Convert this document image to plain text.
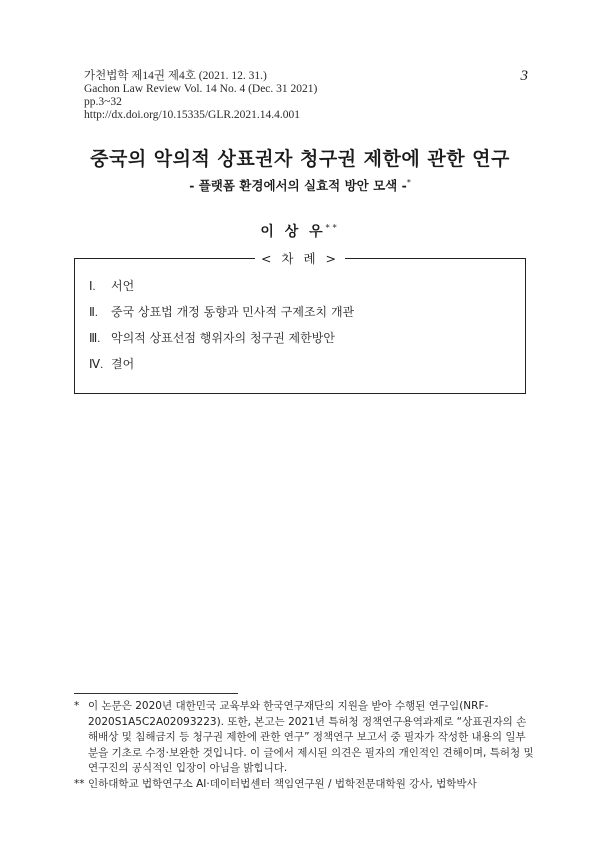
가천법학 제14권 제4호 (2021. 12. 31.)
Gachon Law Review Vol. 14 No. 4 (Dec. 31 2021)
pp.3~32
http://dx.doi.org/10.15335/GLR.2021.14.4.001
3
중국의 악의적 상표권자 청구권 제한에 관한 연구
- 플랫폼 환경에서의 실효적 방안 모색 -*
이 상 우**
< 차 례 >
Ⅰ. 서언
Ⅱ. 중국 상표법 개정 동향과 민사적 구제조치 개관
Ⅲ. 악의적 상표선점 행위자의 청구권 제한방안
Ⅳ. 결어
* 이 논문은 2020년 대한민국 교육부와 한국연구재단의 지원을 받아 수행된 연구임(NRF-2020S1A5C2A02093223). 또한, 본고는 2021년 특허청 정책연구용역과제로 “상표권자의 손해배상 및 침해금지 등 청구권 제한에 관한 연구” 정책연구 보고서 중 필자가 작성한 내용의 일부분을 기초로 수정·보완한 것입니다. 이 글에서 제시된 의견은 필자의 개인적인 견해이며, 특허청 및 연구진의 공식적인 입장이 아님을 밝힙니다.
** 인하대학교 법학연구소 AI·데이터법센터 책임연구원 / 법학전문대학원 강사, 법학박사
